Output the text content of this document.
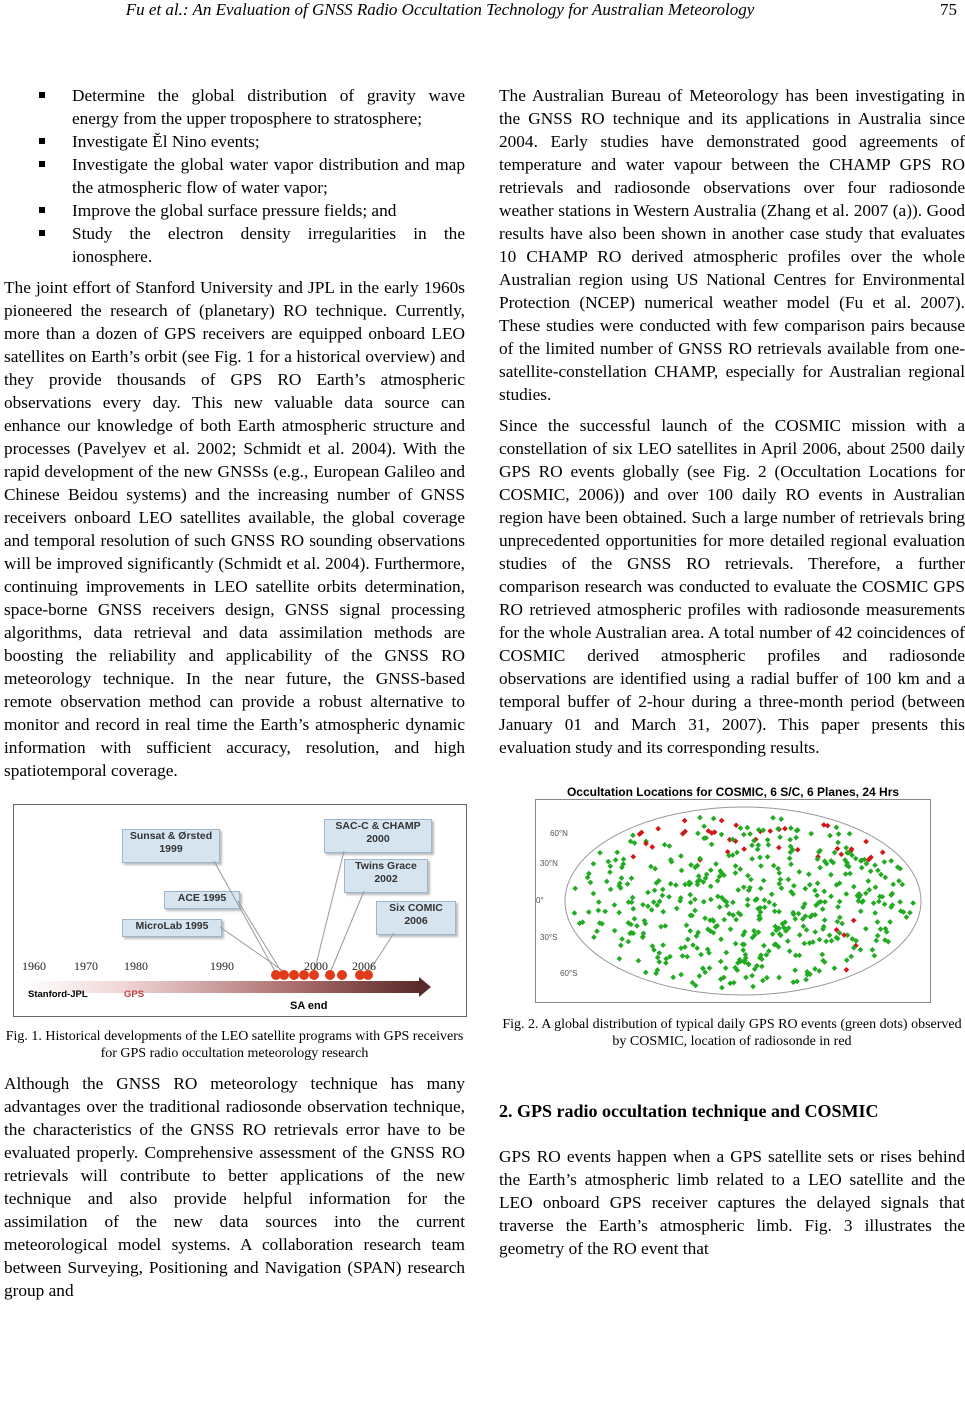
Fu et al.: An Evaluation of GNSS Radio Occultation Technology for Australian Meteorology	75
Determine the global distribution of gravity wave energy from the upper troposphere to stratosphere;
Investigate Ĕl Nino events;
Investigate the global water vapor distribution and map the atmospheric flow of water vapor;
Improve the global surface pressure fields; and
Study the electron density irregularities in the ionosphere.

The joint effort of Stanford University and JPL in the early 1960s pioneered the research of (planetary) RO technique. Currently, more than a dozen of GPS receivers are equipped onboard LEO satellites on Earth’s orbit (see Fig. 1 for a historical overview) and they provide thousands of GPS RO Earth’s atmospheric observations every day. This new valuable data source can enhance our knowledge of both Earth atmospheric structure and processes (Pavelyev et al. 2002; Schmidt et al. 2004). With the rapid development of the new GNSSs (e.g., European Galileo and Chinese Beidou systems) and the increasing number of GNSS receivers onboard LEO satellites available, the global coverage and temporal resolution of such GNSS RO sounding observations will be improved significantly (Schmidt et al. 2004). Furthermore, continuing improvements in LEO satellite orbits determination, space-borne GNSS receivers design, GNSS signal processing algorithms, data retrieval and data assimilation methods are boosting the reliability and applicability of the GNSS RO meteorology technique. In the near future, the GNSS-based remote observation method can provide a robust alternative to monitor and record in real time the Earth’s atmospheric dynamic information with sufficient accuracy, resolution, and high spatiotemporal coverage.

Sunsat & Ørsted
1999
ACE 1995
MicroLab 1995
SAC-C & CHAMP
2000
Twins Grace
2002
Six COMIC
2006
1960 1970 1980	1990	2000 2006
Stanford-JPL	GPS
SA end

Fig. 1. Historical developments of the LEO satellite programs with GPS receivers for GPS radio occultation meteorology research

Although the GNSS RO meteorology technique has many advantages over the traditional radiosonde observation technique, the characteristics of the GNSS RO retrievals error have to be evaluated properly. Comprehensive assessment of the GNSS RO retrievals will contribute to better applications of the new technique and also provide helpful information for the assimilation of the new data sources into the current meteorological model systems. A collaboration research team between Surveying, Positioning and Navigation (SPAN) research group and

The Australian Bureau of Meteorology has been investigating in the GNSS RO technique and its applications in Australia since 2004. Early studies have demonstrated good agreements of temperature and water vapour between the CHAMP GPS RO retrievals and radiosonde observations over four radiosonde weather stations in Western Australia (Zhang et al. 2007 (a)). Good results have also been shown in another case study that evaluates 10 CHAMP RO derived atmospheric profiles over the whole Australian region using US National Centres for Environmental Protection (NCEP) numerical weather model (Fu et al. 2007). These studies were conducted with few comparison pairs because of the limited number of GNSS RO retrievals available from one-satellite-constellation CHAMP, especially for Australian regional studies.

Since the successful launch of the COSMIC mission with a constellation of six LEO satellites in April 2006, about 2500 daily GPS RO events globally (see Fig. 2 (Occultation Locations for COSMIC, 2006)) and over 100 daily RO events in Australian region have been obtained. Such a large number of retrievals bring unprecedented opportunities for more detailed regional evaluation studies of the GNSS RO retrievals. Therefore, a further comparison research was conducted to evaluate the COSMIC GPS RO retrieved atmospheric profiles with radiosonde measurements for the whole Australian area. A total number of 42 coincidences of COSMIC derived atmospheric profiles and radiosonde observations are identified using a radial buffer of 100 km and a temporal buffer of 2-hour during a three-month period (between January 01 and March 31, 2007). This paper presents this evaluation study and its corresponding results.

Occultation Locations for COSMIC, 6 S/C, 6 Planes, 24 Hrs
60°N
30°N
0°
30°S
60°S

Fig. 2. A global distribution of typical daily GPS RO events (green dots) observed by COSMIC, location of radiosonde in red

2. GPS radio occultation technique and COSMIC

GPS RO events happen when a GPS satellite sets or rises behind the Earth’s atmospheric limb related to a LEO satellite and the LEO onboard GPS receiver captures the delayed signals that traverse the Earth’s atmospheric limb. Fig. 3 illustrates the geometry of the RO event that
